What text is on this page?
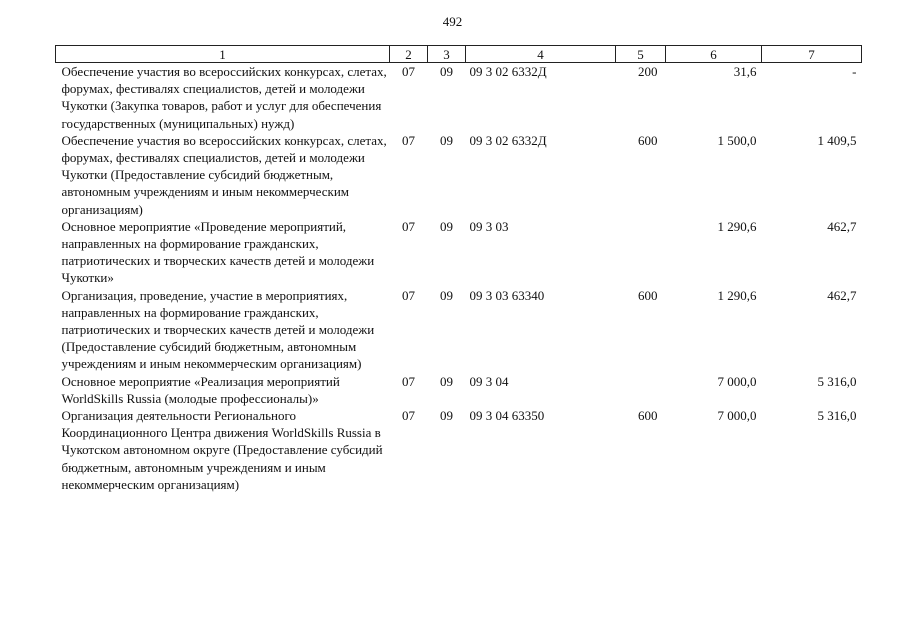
492
1	2	3	4	5	6	7
Обеспечение участия во всероссийских конкурсах, слетах, форумах, фестивалях специалистов, детей и молодежи Чукотки (Закупка товаров, работ и услуг для обеспечения государственных (муниципальных) нужд)	07	09	09 3 02 6332Д	200	31,6	-
Обеспечение участия во всероссийских конкурсах, слетах, форумах, фестивалях специалистов, детей и молодежи Чукотки (Предоставление субсидий бюджетным, автономным учреждениям и иным некоммерческим организациям)	07	09	09 3 02 6332Д	600	1 500,0	1 409,5
Основное мероприятие «Проведение мероприятий, направленных на формирование гражданских, патриотических и творческих качеств детей и молодежи Чукотки»	07	09	09 3 03		1 290,6	462,7
Организация, проведение, участие в мероприятиях, направленных на формирование гражданских, патриотических и творческих качеств детей и молодежи (Предоставление субсидий бюджетным, автономным учреждениям и иным некоммерческим организациям)	07	09	09 3 03 63340	600	1 290,6	462,7
Основное мероприятие «Реализация мероприятий WorldSkills Russia (молодые профессионалы)»	07	09	09 3 04		7 000,0	5 316,0
Организация деятельности Регионального Координационного Центра движения WorldSkills Russia в Чукотском автономном округе (Предоставление субсидий бюджетным, автономным учреждениям и иным некоммерческим организациям)	07	09	09 3 04 63350	600	7 000,0	5 316,0
